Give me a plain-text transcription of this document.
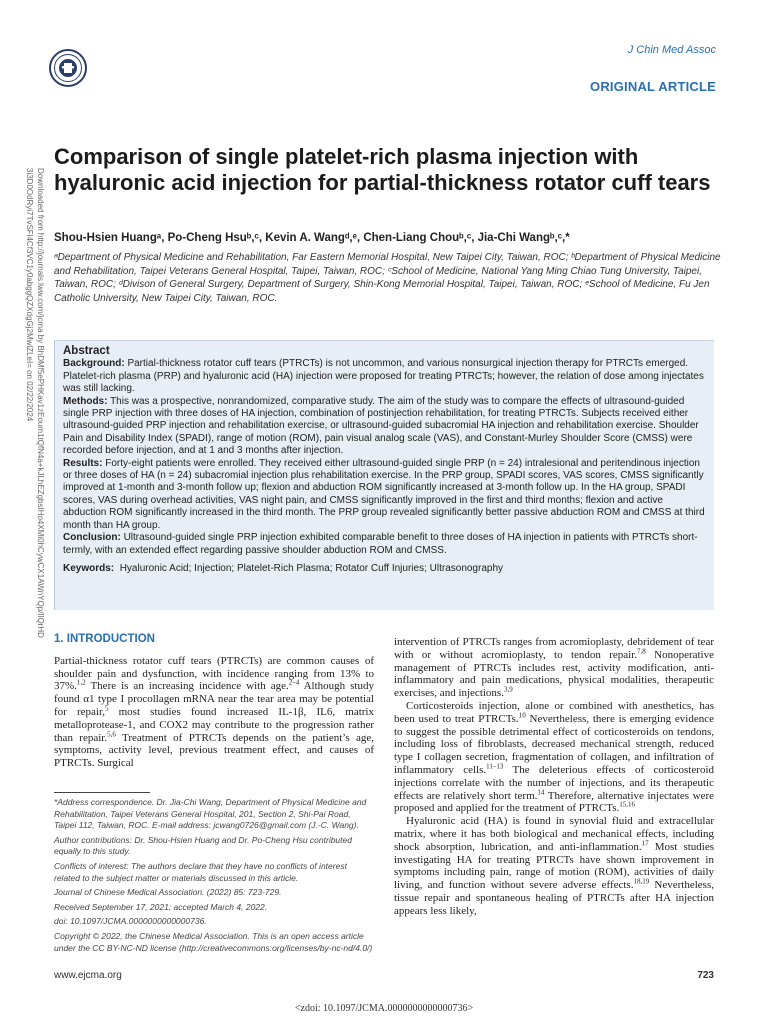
J Chin Med Assoc
ORIGINAL ARTICLE
Downloaded from http://journals.lww.com/jcma by BhDMf5ePHKav1zEoum1tQfN4a+kJLhEZgbsIHo4XMi0hCywCX1AWnYQp/IlQrHD3i3D0OdRyi7TvSFl4Cf3VC1y0abggQZXdgGj2MwlZLeI= on 02/22/2024
Comparison of single platelet-rich plasma injection with hyaluronic acid injection for partial-thickness rotator cuff tears
Shou-Hsien Huangᵃ, Po-Cheng Hsuᵇ,ᶜ, Kevin A. Wangᵈ,ᵉ, Chen-Liang Chouᵇ,ᶜ, Jia-Chi Wangᵇ,ᶜ,*
ᵃDepartment of Physical Medicine and Rehabilitation, Far Eastern Memorial Hospital, New Taipei City, Taiwan, ROC; ᵇDepartment of Physical Medicine and Rehabilitation, Taipei Veterans General Hospital, Taipei, Taiwan, ROC; ᶜSchool of Medicine, National Yang Ming Chiao Tung University, Taipei, Taiwan, ROC; ᵈDivison of General Surgery, Department of Surgery, Shin-Kong Memorial Hospital, Taipei, Taiwan, ROC; ᵉSchool of Medicine, Fu Jen Catholic University, New Taipei City, Taiwan, ROC.
Abstract

Background: Partial-thickness rotator cuff tears (PTRCTs) is not uncommon, and various nonsurgical injection therapy for PTRCTs emerged. Platelet-rich plasma (PRP) and hyaluronic acid (HA) injection were proposed for treating PTRCTs; however, the relation of dose among injectates was still lacking.

Methods: This was a prospective, nonrandomized, comparative study. The aim of the study was to compare the effects of ultrasound-guided single PRP injection with three doses of HA injection, combination of postinjection rehabilitation, for treating PTRCTs. Subjects received either ultrasound-guided PRP injection and rehabilitation exercise, or ultrasound-guided subacromial HA injection and rehabilitation exercise. Shoulder Pain and Disability Index (SPADI), range of motion (ROM), pain visual analog scale (VAS), and Constant-Murley Shoulder Score (CMSS) were recorded before injection, and at 1 and 3 months after injection.

Results: Forty-eight patients were enrolled. They received either ultrasound-guided single PRP (n = 24) intralesional and peritendinous injection or three doses of HA (n = 24) subacromial injection plus rehabilitation exercise. In the PRP group, SPADI scores, VAS scores, CMSS significantly improved at 1-month and 3-month follow up; flexion and abduction ROM significantly increased at 3-month follow up. In the HA group, SPADI scores, VAS during overhead activities, VAS night pain, and CMSS significantly improved in the first and third months; flexion and active abduction ROM significantly increased in the third month. The PRP group revealed significantly better passive abduction ROM and CMSS at third month than HA group.

Conclusion: Ultrasound-guided single PRP injection exhibited comparable benefit to three doses of HA injection in patients with PTRCTs short-termly, with an extended effect regarding passive shoulder abduction ROM and CMSS.

Keywords: Hyaluronic Acid; Injection; Platelet-Rich Plasma; Rotator Cuff Injuries; Ultrasonography

1. INTRODUCTION

Partial-thickness rotator cuff tears (PTRCTs) are common causes of shoulder pain and dysfunction, with incidence ranging from 13% to 37%.$^{1,2}$ There is an increasing incidence with age.$^{2-4}$ Although study found α1 type I procollagen mRNA near the tear area may be potential for repair,$^5$ most studies found increased IL-1β, IL6, matrix metalloprotease-1, and COX2 may contribute to the progression rather than repair.$^{5,6}$ Treatment of PTRCTs depends on the patient’s age, symptoms, activity level, previous treatment effect, and causes of PTRCTs. Surgical

*Address correspondence. Dr. Jia-Chi Wang, Department of Physical Medicine and Rehabilitation, Taipei Veterans General Hospital, 201, Section 2, Shi-Pai Road, Taipei 112, Taiwan, ROC. E-mail address: jcwang0726@gmail.com (J.-C. Wang).

Author contributions: Dr. Shou-Hsien Huang and Dr. Po-Cheng Hsu contributed equally to this study.

Conflicts of interest: The authors declare that they have no conflicts of interest related to the subject matter or materials discussed in this article.

Journal of Chinese Medical Association. (2022) 85: 723-729.

Received September 17, 2021; accepted March 4, 2022.

doi: 10.1097/JCMA.0000000000000736.

Copyright © 2022, the Chinese Medical Association. This is an open access article under the CC BY-NC-ND license (http://creativecommons.org/licenses/by-nc-nd/4.0/)

intervention of PTRCTs ranges from acromioplasty, debridement of tear with or without acromioplasty, to tendon repair.$^{7,8}$ Nonoperative management of PTRCTs includes rest, activity modification, anti-inflammatory and pain medications, physical modalities, therapeutic exercises, and injections.$^{3,9}$

Corticosteroids injection, alone or combined with anesthetics, has been used to treat PTRCTs.$^{10}$ Nevertheless, there is emerging evidence to suggest the possible detrimental effect of corticosteroids on tendons, including loss of fibroblasts, decreased mechanical strength, reduced type I collagen secretion, fragmentation of collagen, and infiltration of inflammatory cells.$^{11-13}$ The deleterious effects of corticosteroid injections correlate with the number of injections, and its therapeutic effects are relatively short term.$^{14}$ Therefore, alternative injectates were proposed and applied for the treatment of PTRCTs.$^{15,16}$

Hyaluronic acid (HA) is found in synovial fluid and extracellular matrix, where it has both biological and mechanical effects, including shock absorption, lubrication, and anti-inflammation.$^{17}$ Most studies investigating HA for treating PTRCTs have shown improvement in symptoms including pain, range of motion (ROM), activities of daily living, and function without severe adverse effects.$^{18,19}$ Nevertheless, tissue repair and spontaneous healing of PTRCTs after HA injection appears less likely,

www.ejcma.org	723
<zdoi: 10.1097/JCMA.0000000000000736>
